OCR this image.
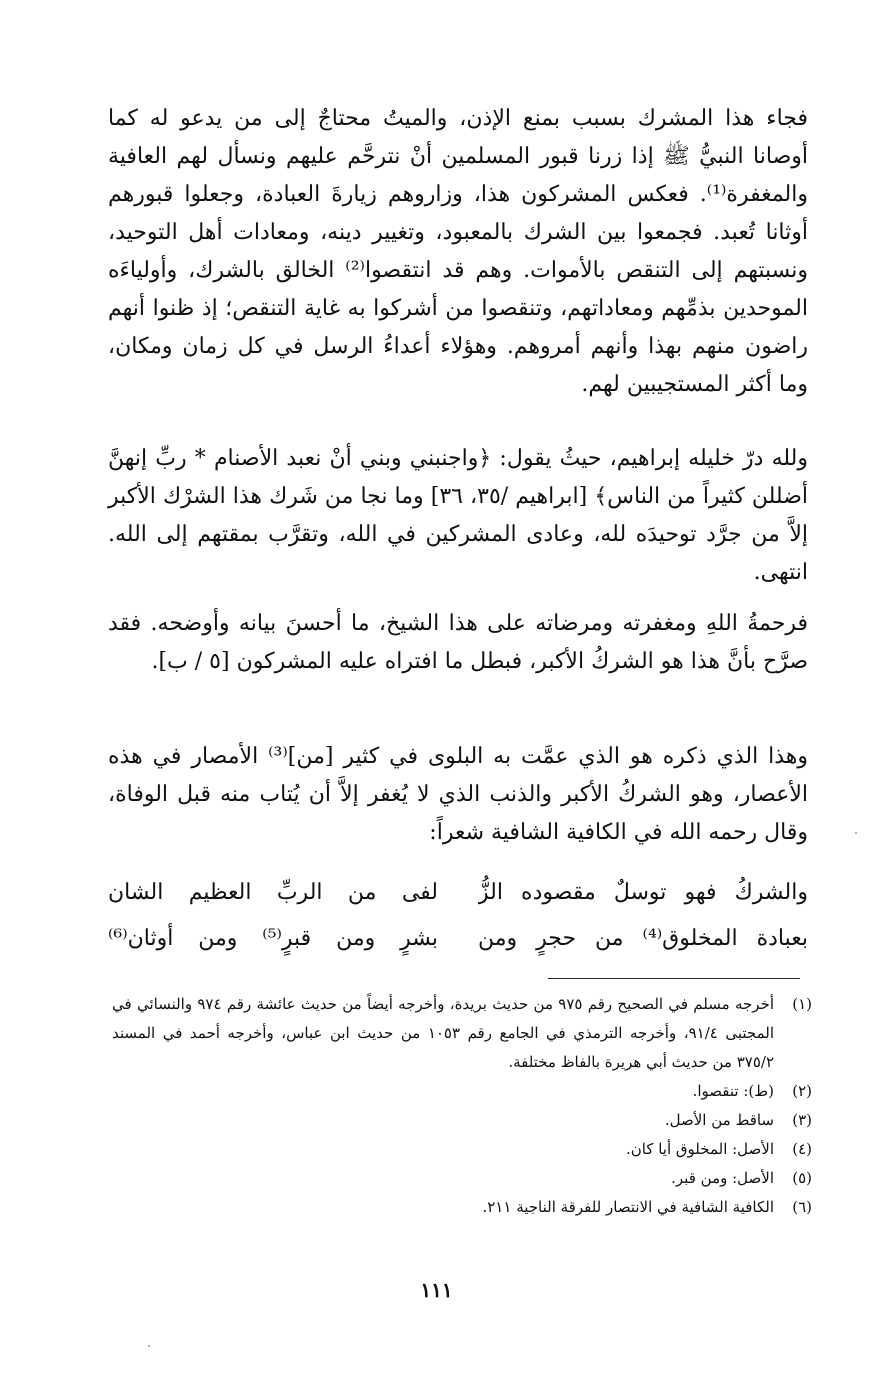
فجاء هذا المشرك بسبب بمنع الإذن، والميتُ محتاجٌ إلى من يدعو له كما أوصانا النبيُّ ﷺ إذا زرنا قبور المسلمين أنْ نترحَّم عليهم ونسأل لهم العافية والمغفرة⁽¹⁾. فعكس المشركون هذا، وزاروهم زيارةَ العبادة، وجعلوا قبورهم أوثانا تُعبد. فجمعوا بين الشرك بالمعبود، وتغيير دينه، ومعادات أهل التوحيد، ونسبتهم إلى التنقص بالأموات. وهم قد انتقصوا⁽²⁾ الخالق بالشرك، وأولياءَه الموحدين بذمِّهم ومعاداتهم، وتنقصوا من أشركوا به غاية التنقص؛ إذ ظنوا أنهم راضون منهم بهذا وأنهم أمروهم. وهؤلاء أعداءُ الرسل في كل زمان ومكان، وما أكثر المستجيبين لهم.

ولله درّ خليله إبراهيم، حيثُ يقول: ﴿واجنبني وبني أنْ نعبد الأصنام * ربِّ إنهنَّ أضللن كثيراً من الناس﴾ [ابراهيم /٣٥، ٣٦] وما نجا من شَرك هذا الشرْك الأكبر إلاَّ من جرَّد توحيدَه لله، وعادى المشركين في الله، وتقرَّب بمقتهم إلى الله. انتهى.

فرحمةُ اللهِ ومغفرته ومرضاته على هذا الشيخ، ما أحسنَ بيانه وأوضحه. فقد صرَّح بأنَّ هذا هو الشركُ الأكبر، فبطل ما افتراه عليه المشركون [٥ / ب].

وهذا الذي ذكره هو الذي عمَّت به البلوى في كثير [من]⁽³⁾ الأمصار في هذه الأعصار، وهو الشركُ الأكبر والذنب الذي لا يُغفر إلاَّ أن يُتاب منه قبل الوفاة، وقال رحمه الله في الكافية الشافية شعراً:

والشركُ فهو توسلٌ مقصوده الزُّ
لفى من الربِّ العظيم الشان
بعبادة المخلوق⁽⁴⁾ من حجرٍ ومن
بشرٍ ومن قبرٍ⁽⁵⁾ ومن أوثان⁽⁶⁾
(١)
أخرجه مسلم في الصحيح رقم ٩٧٥ من حديث بريدة، وأخرجه أيضاً من حديث عائشة رقم ٩٧٤ والنسائي في المجتبى ٩١/٤، وأخرجه الترمذي في الجامع رقم ١٠٥٣ من حديث ابن عباس، وأخرجه أحمد في المسند ٣٧٥/٢ من حديث أبي هريرة بالفاظ مختلفة.
(٢)
(ط): تنقصوا.
(٣)
ساقط من الأصل.
(٤)
الأصل: المخلوق أيا كان.
(٥)
الأصل: ومن قبر.
(٦)
الكافية الشافية في الانتصار للفرقة الناجية ٢١١.
١١١
